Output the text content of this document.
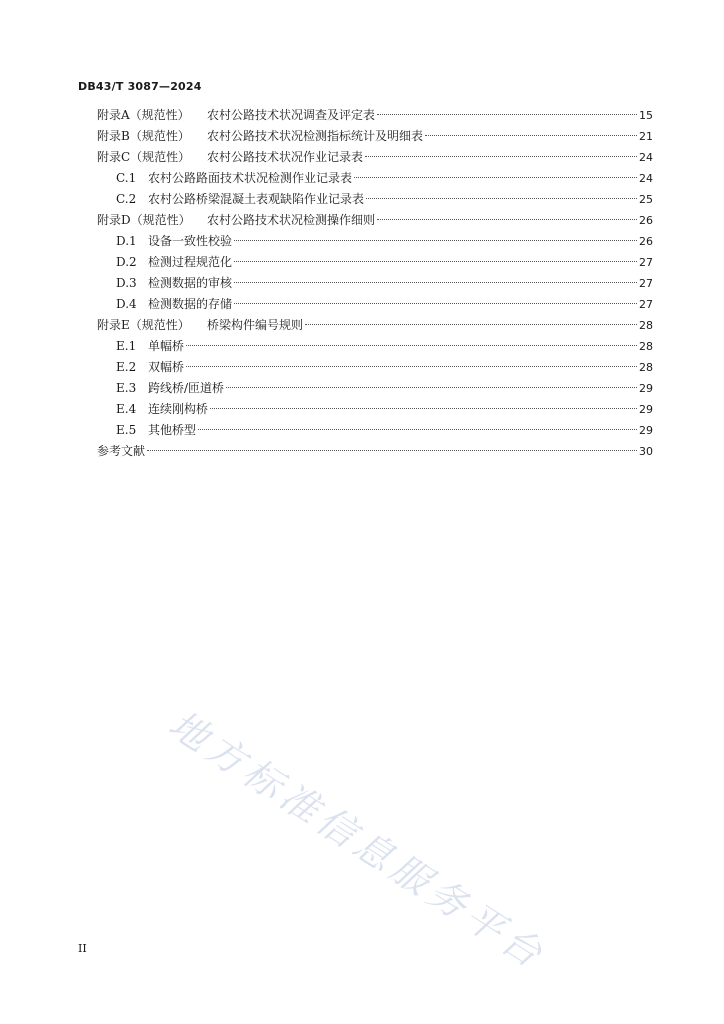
DB43/T 3087—2024
附录A（规范性）	农村公路技术状况调查及评定表	15
附录B（规范性）	农村公路技术状况检测指标统计及明细表	21
附录C（规范性）	农村公路技术状况作业记录表	24
C.1 农村公路路面技术状况检测作业记录表	24
C.2 农村公路桥梁混凝土表观缺陷作业记录表	25
附录D（规范性）	农村公路技术状况检测操作细则	26
D.1 设备一致性校验	26
D.2 检测过程规范化	27
D.3 检测数据的审核	27
D.4 检测数据的存储	27
附录E（规范性）	桥梁构件编号规则	28
E.1 单幅桥	28
E.2 双幅桥	28
E.3 跨线桥/匝道桥	29
E.4 连续刚构桥	29
E.5 其他桥型	29
参考文献	30
地方标准信息服务平台
II
